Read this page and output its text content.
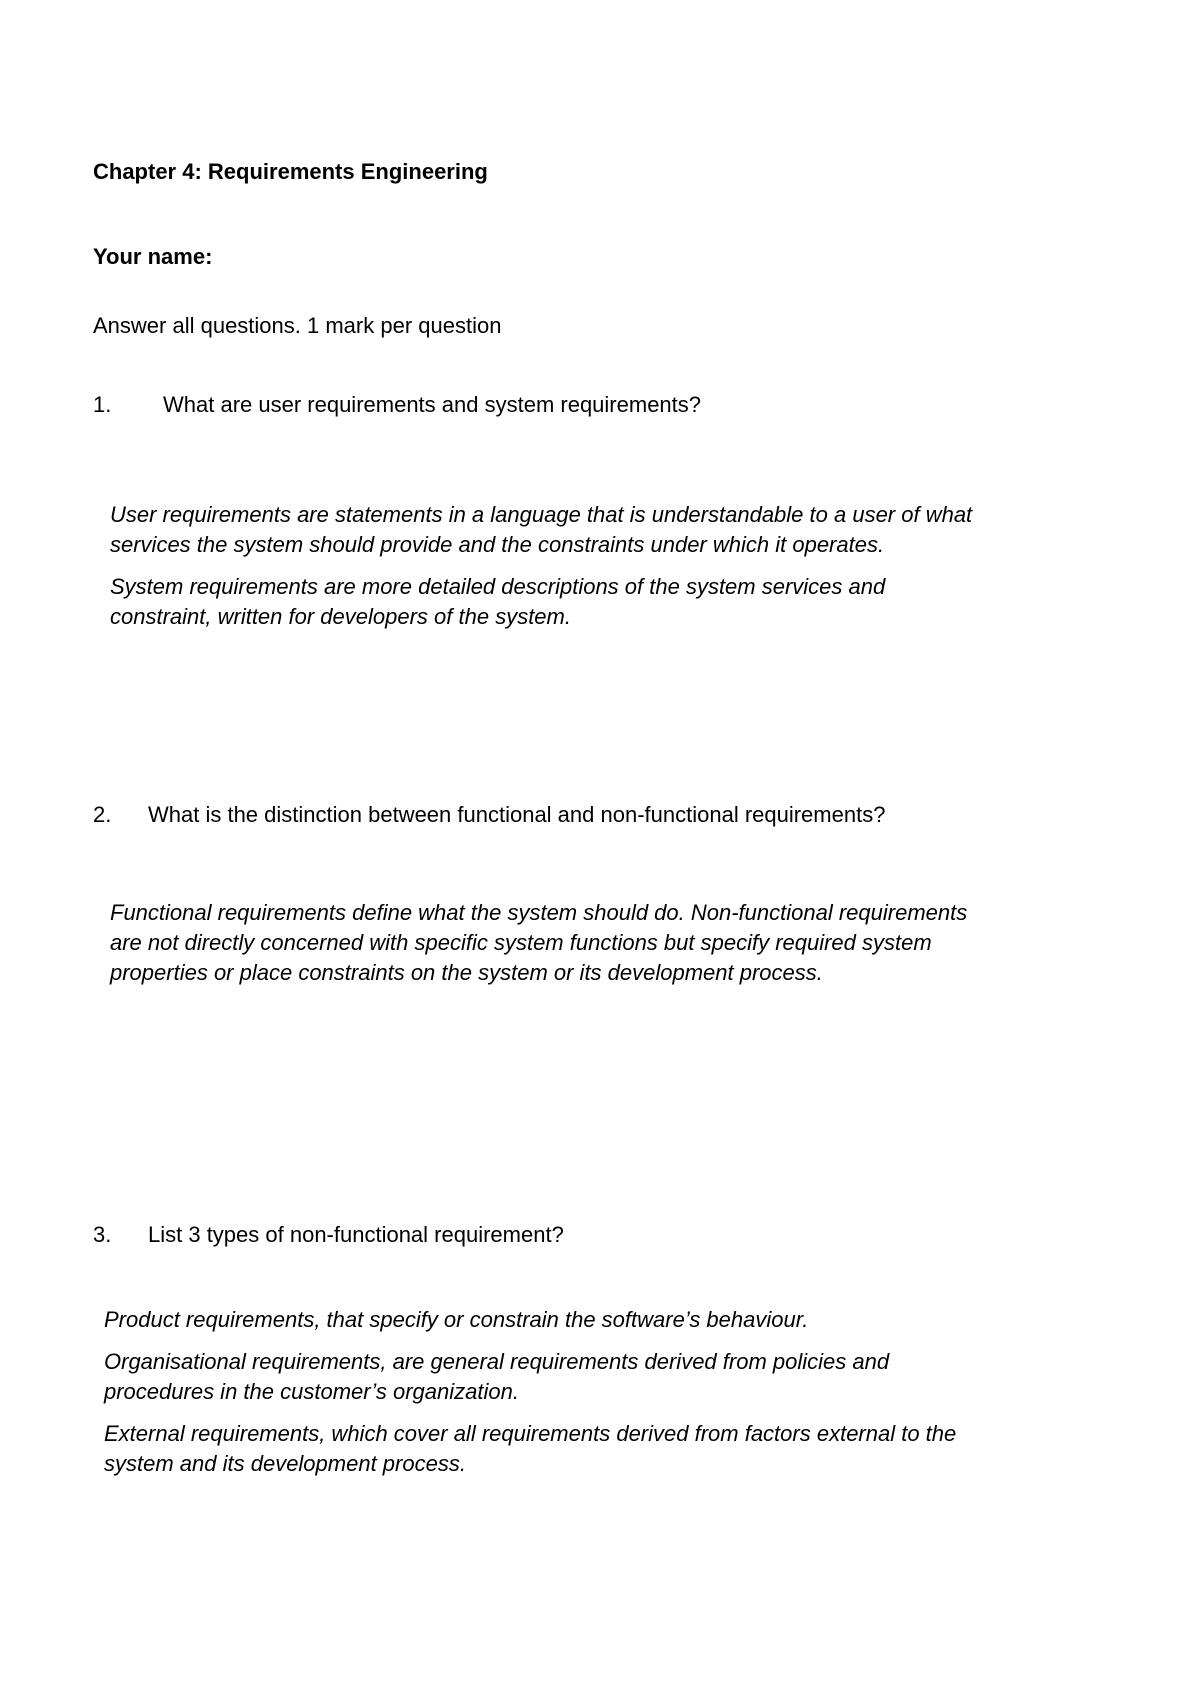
Chapter 4: Requirements Engineering
Your name:
Answer all questions. 1 mark per question
1. What are user requirements and system requirements?
User requirements are statements in a language that is understandable to a user of what
services the system should provide and the constraints under which it operates.
System requirements are more detailed descriptions of the system services and
constraint, written for developers of the system.
2. What is the distinction between functional and non-functional requirements?
Functional requirements define what the system should do. Non-functional requirements
are not directly concerned with specific system functions but specify required system
properties or place constraints on the system or its development process.
3. List 3 types of non-functional requirement?
Product requirements, that specify or constrain the software’s behaviour.
Organisational requirements, are general requirements derived from policies and
procedures in the customer’s organization.
External requirements, which cover all requirements derived from factors external to the
system and its development process.
